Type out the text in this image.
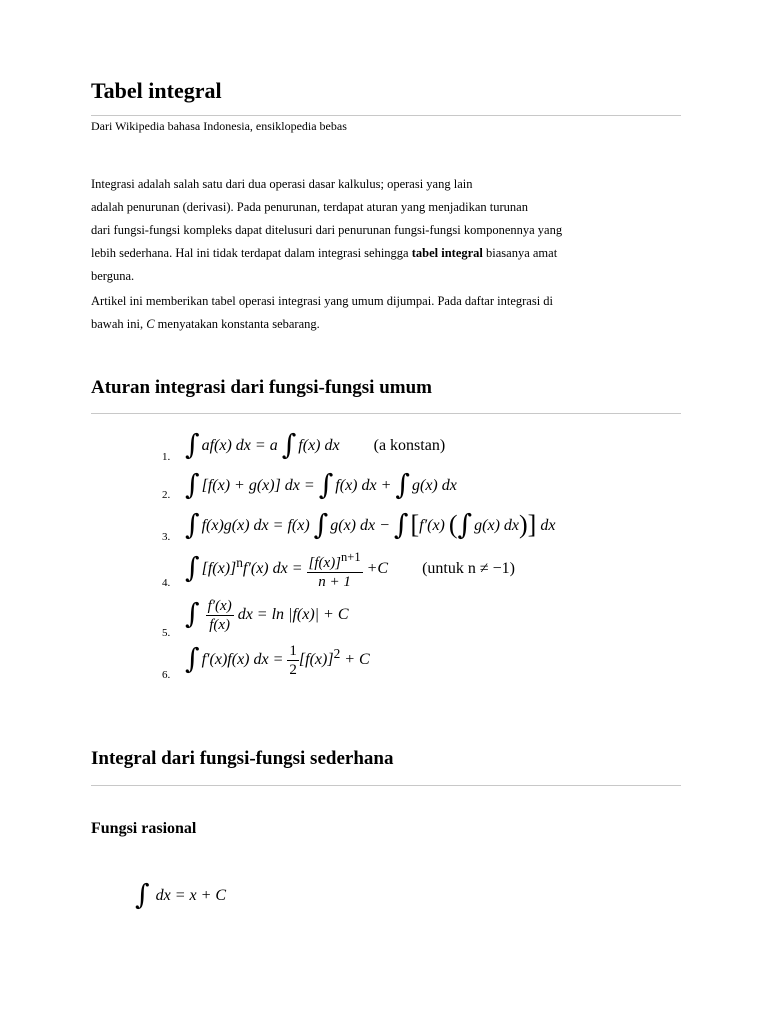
Tabel integral
Dari Wikipedia bahasa Indonesia, ensiklopedia bebas
Integrasi adalah salah satu dari dua operasi dasar kalkulus; operasi yang lain
adalah penurunan (derivasi). Pada penurunan, terdapat aturan yang menjadikan turunan
dari fungsi-fungsi kompleks dapat ditelusuri dari penurunan fungsi-fungsi komponennya yang
lebih sederhana. Hal ini tidak terdapat dalam integrasi sehingga tabel integral biasanya amat
berguna.
Artikel ini memberikan tabel operasi integrasi yang umum dijumpai. Pada daftar integrasi di
bawah ini, C menyatakan konstanta sebarang.
Aturan integrasi dari fungsi-fungsi umum
1. ∫ af(x) dx = a ∫ f(x) dx (a konstan)
2. ∫ [f(x) + g(x)] dx = ∫ f(x) dx + ∫ g(x) dx
3. ∫ f(x)g(x) dx = f(x) ∫ g(x) dx − ∫[f′(x) (∫ g(x) dx)] dx
4. ∫ $[f(x)]^nf'(x)$ dx = $\frac{[f(x)]^{n+1}}{n + 1} +C$ (untuk n ≠ −1)
5.
∫ $\frac{f'(x)}{f(x)}$ dx = ln |f(x)| + C
6. ∫ f′(x)f(x) dx = $\frac{1}{2} [f(x)]^2 + C$
Integral dari fungsi-fungsi sederhana
Fungsi rasional
∫ dx = x + C
